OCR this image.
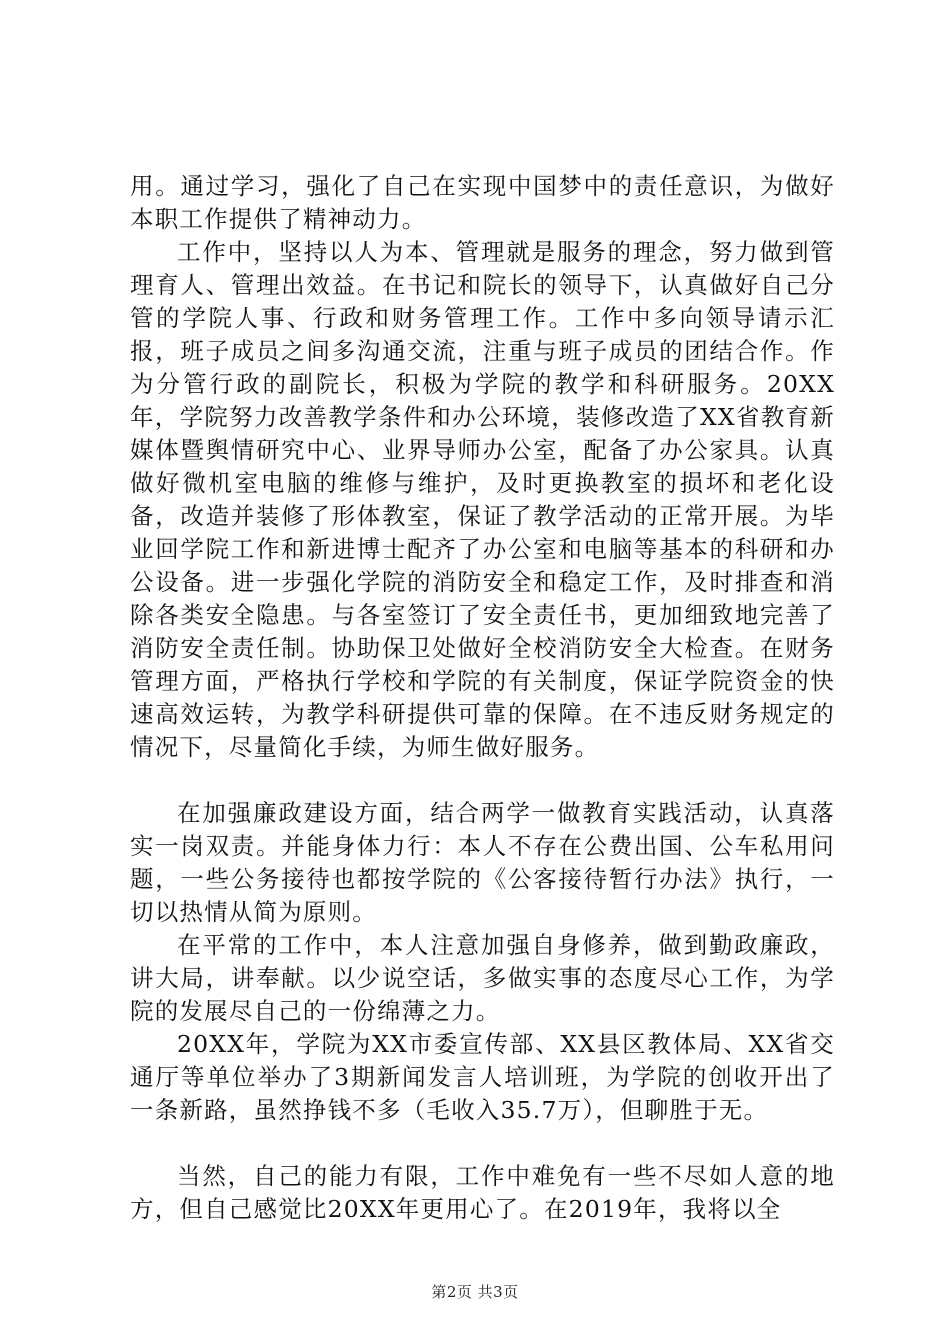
用。通过学习，强化了自己在实现中国梦中的责任意识，为做好本职工作提供了精神动力。

工作中，坚持以人为本、管理就是服务的理念，努力做到管理育人、管理出效益。在书记和院长的领导下，认真做好自己分管的学院人事、行政和财务管理工作。工作中多向领导请示汇报，班子成员之间多沟通交流，注重与班子成员的团结合作。作为分管行政的副院长，积极为学院的教学和科研服务。20XX年，学院努力改善教学条件和办公环境，装修改造了XX省教育新媒体暨舆情研究中心、业界导师办公室，配备了办公家具。认真做好微机室电脑的维修与维护，及时更换教室的损坏和老化设备，改造并装修了形体教室，保证了教学活动的正常开展。为毕业回学院工作和新进博士配齐了办公室和电脑等基本的科研和办公设备。进一步强化学院的消防安全和稳定工作，及时排查和消除各类安全隐患。与各室签订了安全责任书，更加细致地完善了消防安全责任制。协助保卫处做好全校消防安全大检查。在财务管理方面，严格执行学校和学院的有关制度，保证学院资金的快速高效运转，为教学科研提供可靠的保障。在不违反财务规定的情况下，尽量简化手续，为师生做好服务。

在加强廉政建设方面，结合两学一做教育实践活动，认真落实一岗双责。并能身体力行：本人不存在公费出国、公车私用问题，一些公务接待也都按学院的《公客接待暂行办法》执行，一切以热情从简为原则。

在平常的工作中，本人注意加强自身修养，做到勤政廉政，讲大局，讲奉献。以少说空话，多做实事的态度尽心工作，为学院的发展尽自己的一份绵薄之力。

20XX年，学院为XX市委宣传部、XX县区教体局、XX省交通厅等单位举办了3期新闻发言人培训班，为学院的创收开出了一条新路，虽然挣钱不多（毛收入35.7万），但聊胜于无。

当然，自己的能力有限，工作中难免有一些不尽如人意的地方，但自己感觉比20XX年更用心了。在2019年，我将以全

第2页 共3页
